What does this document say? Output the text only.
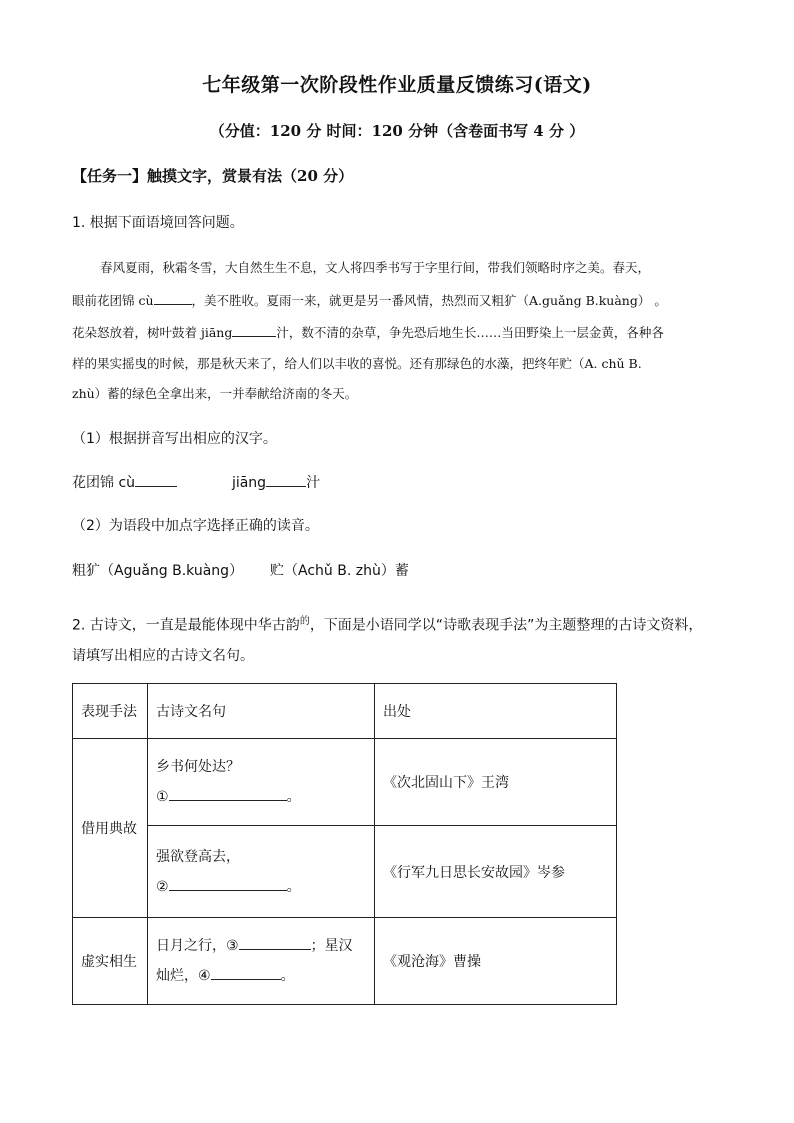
七年级第一次阶段性作业质量反馈练习(语文)
（分值：120 分 时间：120 分钟（含卷面书写 4 分 ）
【任务一】触摸文字，赏景有法（20 分）
1. 根据下面语境回答问题。
春风夏雨，秋霜冬雪，大自然生生不息，文人将四季书写于字里行间，带我们领略时序之美。春天，
眼前花团锦 cù	，美不胜收。夏雨一来，就更是另一番风情，热烈而又粗犷（A.guǎng B.kuàng） 。
花朵怒放着，树叶鼓着 jiāng	汁，数不清的杂草，争先恐后地生长……当田野染上一层金黄，各种各
样的果实摇曳的时候，那是秋天来了，给人们以丰收的喜悦。还有那绿色的水藻，把终年贮（A. chǔ B.
zhù）蓄的绿色全拿出来，一并奉献给济南的冬天。
（1）根据拼音写出相应的汉字。
花团锦 cù	jiāng	汁
（2）为语段中加点字选择正确的读音。
粗犷（Aguǎng B.kuàng） 贮（Achǔ B. zhù）蓄
2. 古诗文，一直是最能体现中华古韵$^的$，下面是小语同学以“诗歌表现手法”为主题整理的古诗文资料，
请填写出相应的古诗文名句。
表现手法	古诗文名句	出处
借用典故	乡书何处达？
① 。	《次北固山下》王湾

	强欲登高去，
② 。	《行军九日思长安故园》岑参
虚实相生	日月之行，③ ；星汉
灿烂，④ 。	《观沧海》曹操
